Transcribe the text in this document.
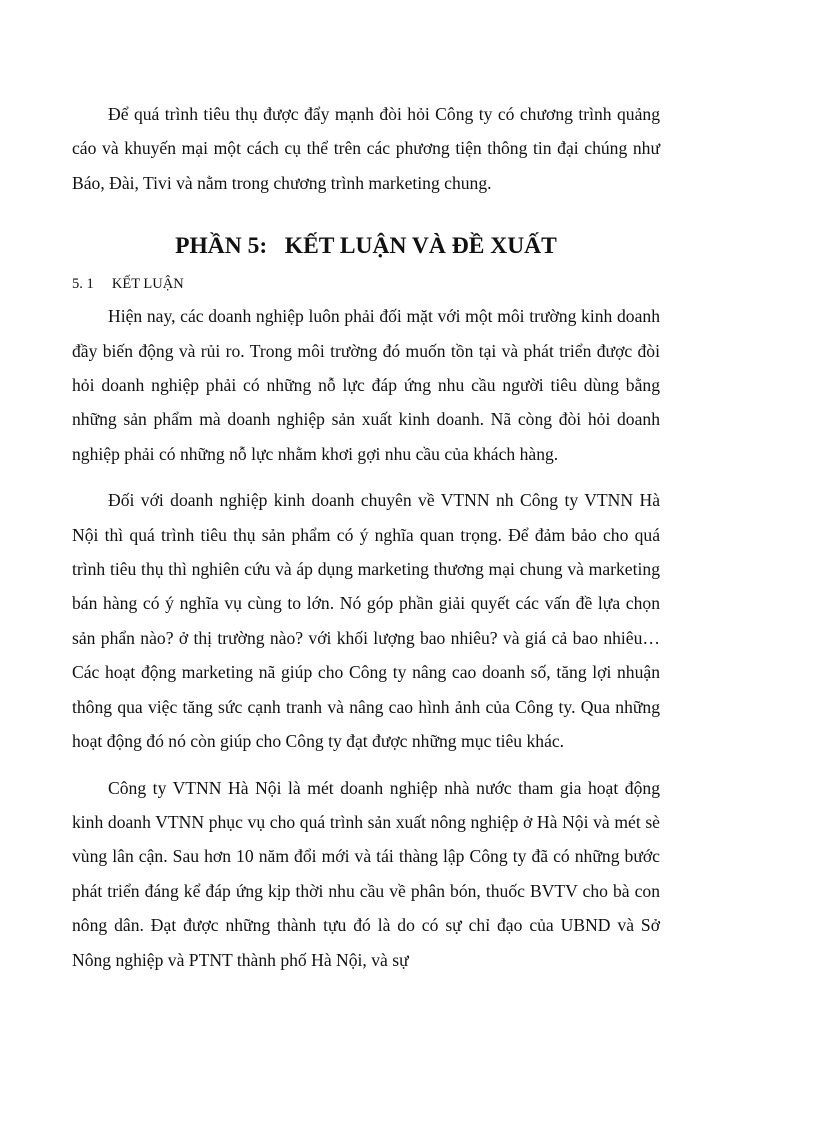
Để quá trình tiêu thụ được đẩy mạnh đòi hỏi Công ty có chương trình quảng cáo và khuyến mại một cách cụ thể trên các phương tiện thông tin đại chúng như Báo, Đài, Tivi và nằm trong chương trình marketing chung.

PHẦN 5:   KẾT LUẬN VÀ ĐỀ XUẤT
5. 1     KẾT LUẬN

Hiện nay, các doanh nghiệp luôn phải đối mặt với một môi trường kinh doanh đầy biến động và rủi ro. Trong môi trường đó muốn tồn tại và phát triển được đòi hỏi doanh nghiệp phải có những nỗ lực đáp ứng nhu cầu người tiêu dùng bằng những sản phẩm mà doanh nghiệp sản xuất kinh doanh. Nã còng đòi hỏi doanh nghiệp phải có những nỗ lực nhằm khơi gợi nhu cầu của khách hàng.

Đối với doanh nghiệp kinh doanh chuyên về VTNN nh Công ty VTNN Hà Nội thì quá trình tiêu thụ sản phẩm có ý nghĩa quan trọng. Để đảm bảo cho quá trình tiêu thụ thì nghiên cứu và áp dụng marketing thương mại chung và marketing bán hàng có ý nghĩa vụ cùng to lớn. Nó góp phần giải quyết các vấn đề lựa chọn sản phẩn nào? ở thị trường nào? với khối lượng bao nhiêu? và giá cả bao nhiêu…Các hoạt động marketing nã giúp cho Công ty nâng cao doanh số, tăng lợi nhuận thông qua việc tăng sức cạnh tranh và nâng cao hình ảnh của Công ty. Qua những hoạt động đó nó còn giúp cho Công ty đạt được những mục tiêu khác.

Công ty VTNN Hà Nội là mét doanh nghiệp nhà nước tham gia hoạt động kinh doanh VTNN phục vụ cho quá trình sản xuất nông nghiệp ở Hà Nội và mét sè vùng lân cận. Sau hơn 10 năm đổi mới và tái thàng lập Công ty đã có những bước phát triển đáng kể đáp ứng kịp thời nhu cầu về phân bón, thuốc BVTV cho bà con nông dân. Đạt được những thành tựu đó là do có sự chỉ đạo của UBND và Sở Nông nghiệp và PTNT thành phố Hà Nội, và sự
